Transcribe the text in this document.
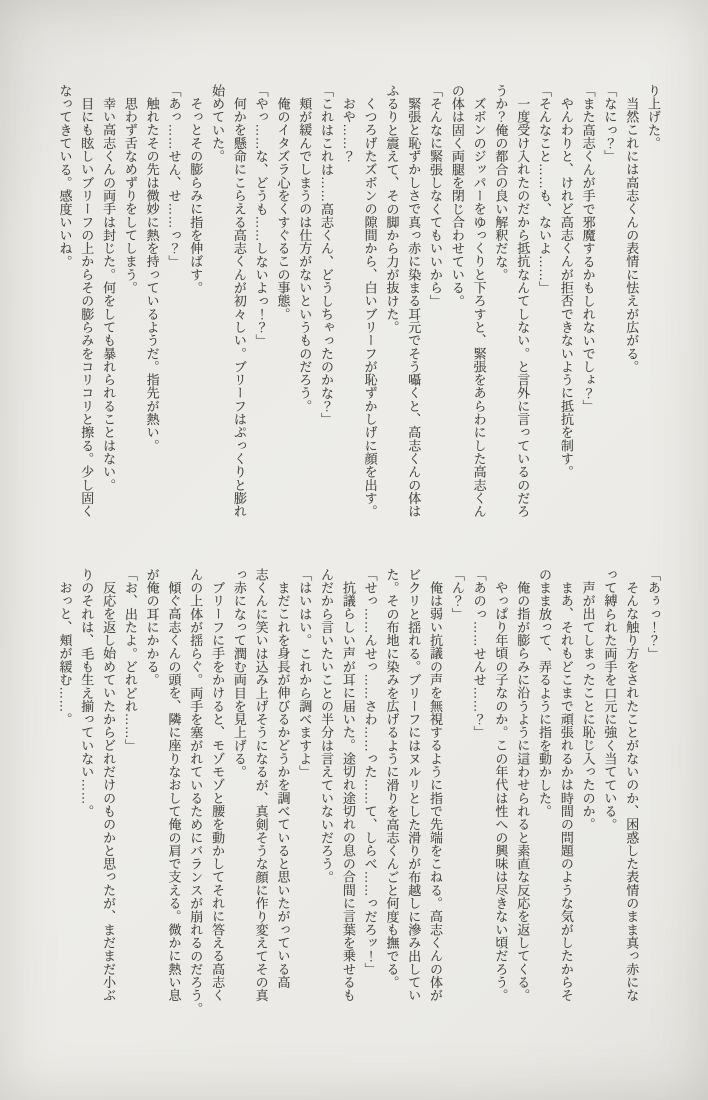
り上げた。
当然これには高志くんの表情に怯えが広がる。
「なにっ？」
「また高志くんが手で邪魔するかもしれないでしょ？」
やんわりと、けれど高志くんが拒否できないように抵抗を制す。
「そんなこと……も、ないよ……」
一度受け入れたのだから抵抗なんてしない。と言外に言っているのだろ
うか？俺の都合の良い解釈だな。
ズボンのジッパーをゆっくりと下ろすと、緊張をあらわにした高志くん
の体は固く両腿を閉じ合わせている。
「そんなに緊張しなくてもいいから」
緊張と恥ずかしさで真っ赤に染まる耳元でそう囁くと、高志くんの体は
ふるりと震えて、その脚から力が抜けた。
くつろげたズボンの隙間から、白いブリーフが恥ずかしげに顔を出す。
おや……？
「これはこれは……高志くん、どうしちゃったのかな？」
頬が緩んでしまうのは仕方がないというものだろう。
俺のイタズラ心をくすぐるこの事態。
「やっ……な、どうも……しないよっ！？」
何かを懸命にこらえる高志くんが初々しい。ブリーフはぷっくりと膨れ
始めていた。
そっとその膨らみに指を伸ばす。
「あっ……せん、せ……っ？」
触れたその先は微妙に熱を持っているようだ。指先が熱い。
思わず舌なめずりをしてしまう。
幸い高志くんの両手は封じた。何をしても暴れられることはない。
目にも眩しいブリーフの上からその膨らみをコリコリと擦る。少し固く
なってきている。感度いいね。
「あぅっ！？」
そんな触り方をされたことがないのか、困惑した表情のまま真っ赤にな
って縛られた両手を口元に強く当てている。
声が出てしまったことに恥じ入ったのか。
まあ、それもどこまで頑張れるかは時間の問題のような気がしたからそ
のまま放って、弄るように指を動かした。
俺の指が膨らみに沿うように這わせられると素直な反応を返してくる。
やっぱり年頃の子なのか。この年代は性への興味は尽きない頃だろう。
「あのっ……せんせ……？」
「ん？」
俺は弱い抗議の声を無視するように指で先端をこねる。高志くんの体が
ビクリと揺れる。ブリーフにはヌルリとした滑りが布越しに滲み出してい
た。その布地に染みを広げるように滑りを高志くんごと何度も撫でる。
「せっ……んせっ……さわ……った……て、しらべ……っだろッ！」
抗議らしい声が耳に届いた。途切れ途切れの息の合間に言葉を乗せるも
んだから言いたいことの半分は言えていないだろう。
「はいはい。これから調べますよ」
まだこれを身長が伸びるかどうかを調べていると思いたがっている高
志くんに笑いは込み上げそうになるが、真剣そうな顔に作り変えてその真
っ赤になって潤む両目を見上げる。
ブリーフに手をかけると、モゾモゾと腰を動かしてそれに答える高志く
んの上体が揺らぐ。両手を塞がれているためにバランスが崩れるのだろう。
傾ぐ高志くんの頭を、隣に座りなおして俺の肩で支える。微かに熱い息
が俺の耳にかかる。
「お、出たよ。どれどれ……」
反応を返し始めていたからどれだけのものかと思ったが、まだまだ小ぶ
りのそれは、毛も生え揃っていない……。
おっと、頬が緩む……。
